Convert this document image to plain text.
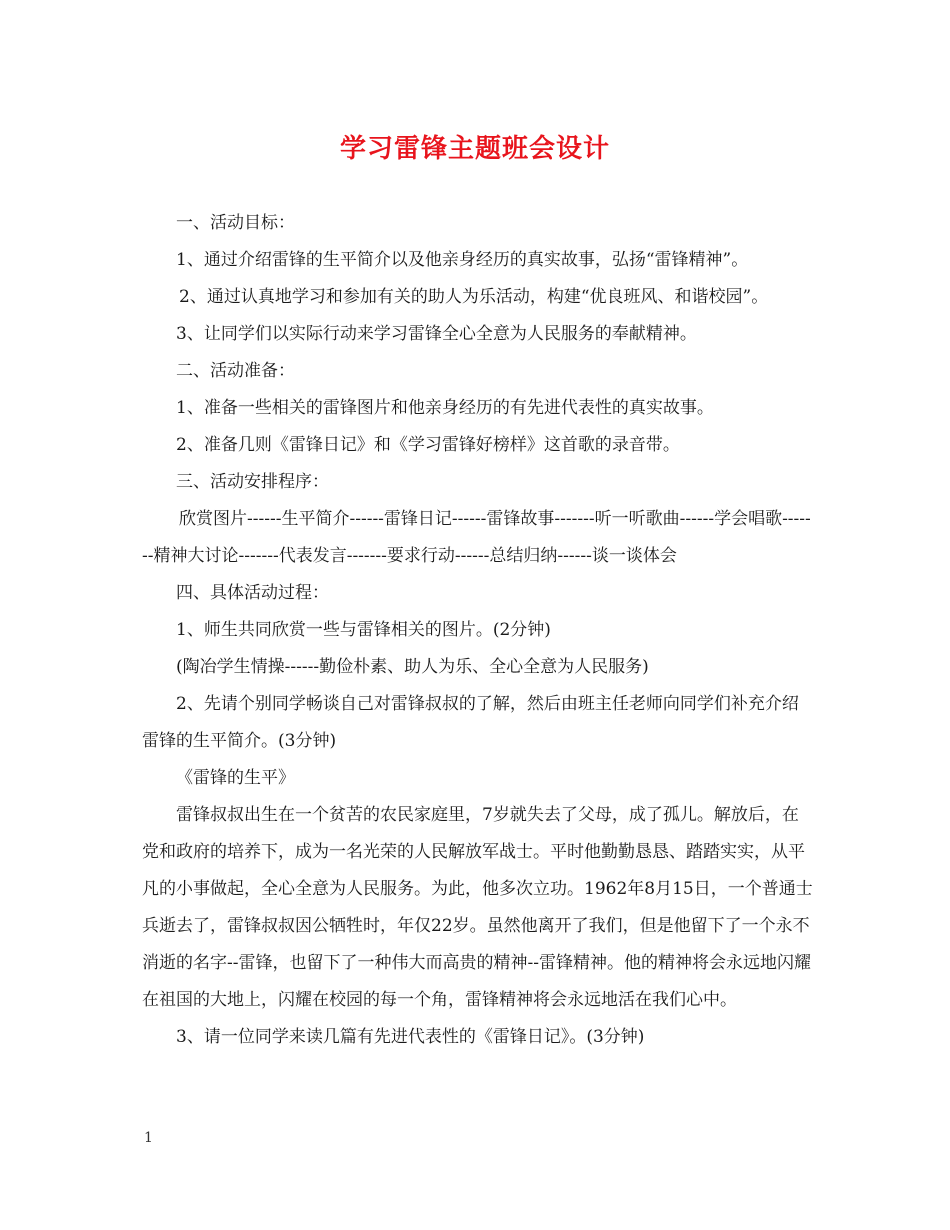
学习雷锋主题班会设计

一、活动目标：

1、通过介绍雷锋的生平简介以及他亲身经历的真实故事，弘扬“雷锋精神”。

2、通过认真地学习和参加有关的助人为乐活动，构建“优良班风、和谐校园”。

3、让同学们以实际行动来学习雷锋全心全意为人民服务的奉献精神。

二、活动准备：

1、准备一些相关的雷锋图片和他亲身经历的有先进代表性的真实故事。

2、准备几则《雷锋日记》和《学习雷锋好榜样》这首歌的录音带。

三、活动安排程序：

欣赏图片------生平简介------雷锋日记------雷锋故事-------听一听歌曲------学会唱歌-------精神大讨论-------代表发言-------要求行动------总结归纳------谈一谈体会

四、具体活动过程：

1、师生共同欣赏一些与雷锋相关的图片。(2分钟)

(陶冶学生情操------勤俭朴素、助人为乐、全心全意为人民服务)

2、先请个别同学畅谈自己对雷锋叔叔的了解，然后由班主任老师向同学们补充介绍雷锋的生平简介。(3分钟)

《雷锋的生平》

雷锋叔叔出生在一个贫苦的农民家庭里，7岁就失去了父母，成了孤儿。解放后，在党和政府的培养下，成为一名光荣的人民解放军战士。平时他勤勤恳恳、踏踏实实，从平凡的小事做起，全心全意为人民服务。为此，他多次立功。1962年8月15日，一个普通士兵逝去了，雷锋叔叔因公牺牲时，年仅22岁。虽然他离开了我们，但是他留下了一个永不消逝的名字--雷锋，也留下了一种伟大而高贵的精神--雷锋精神。他的精神将会永远地闪耀在祖国的大地上，闪耀在校园的每一个角，雷锋精神将会永远地活在我们心中。

3、请一位同学来读几篇有先进代表性的《雷锋日记》。(3分钟)

1
